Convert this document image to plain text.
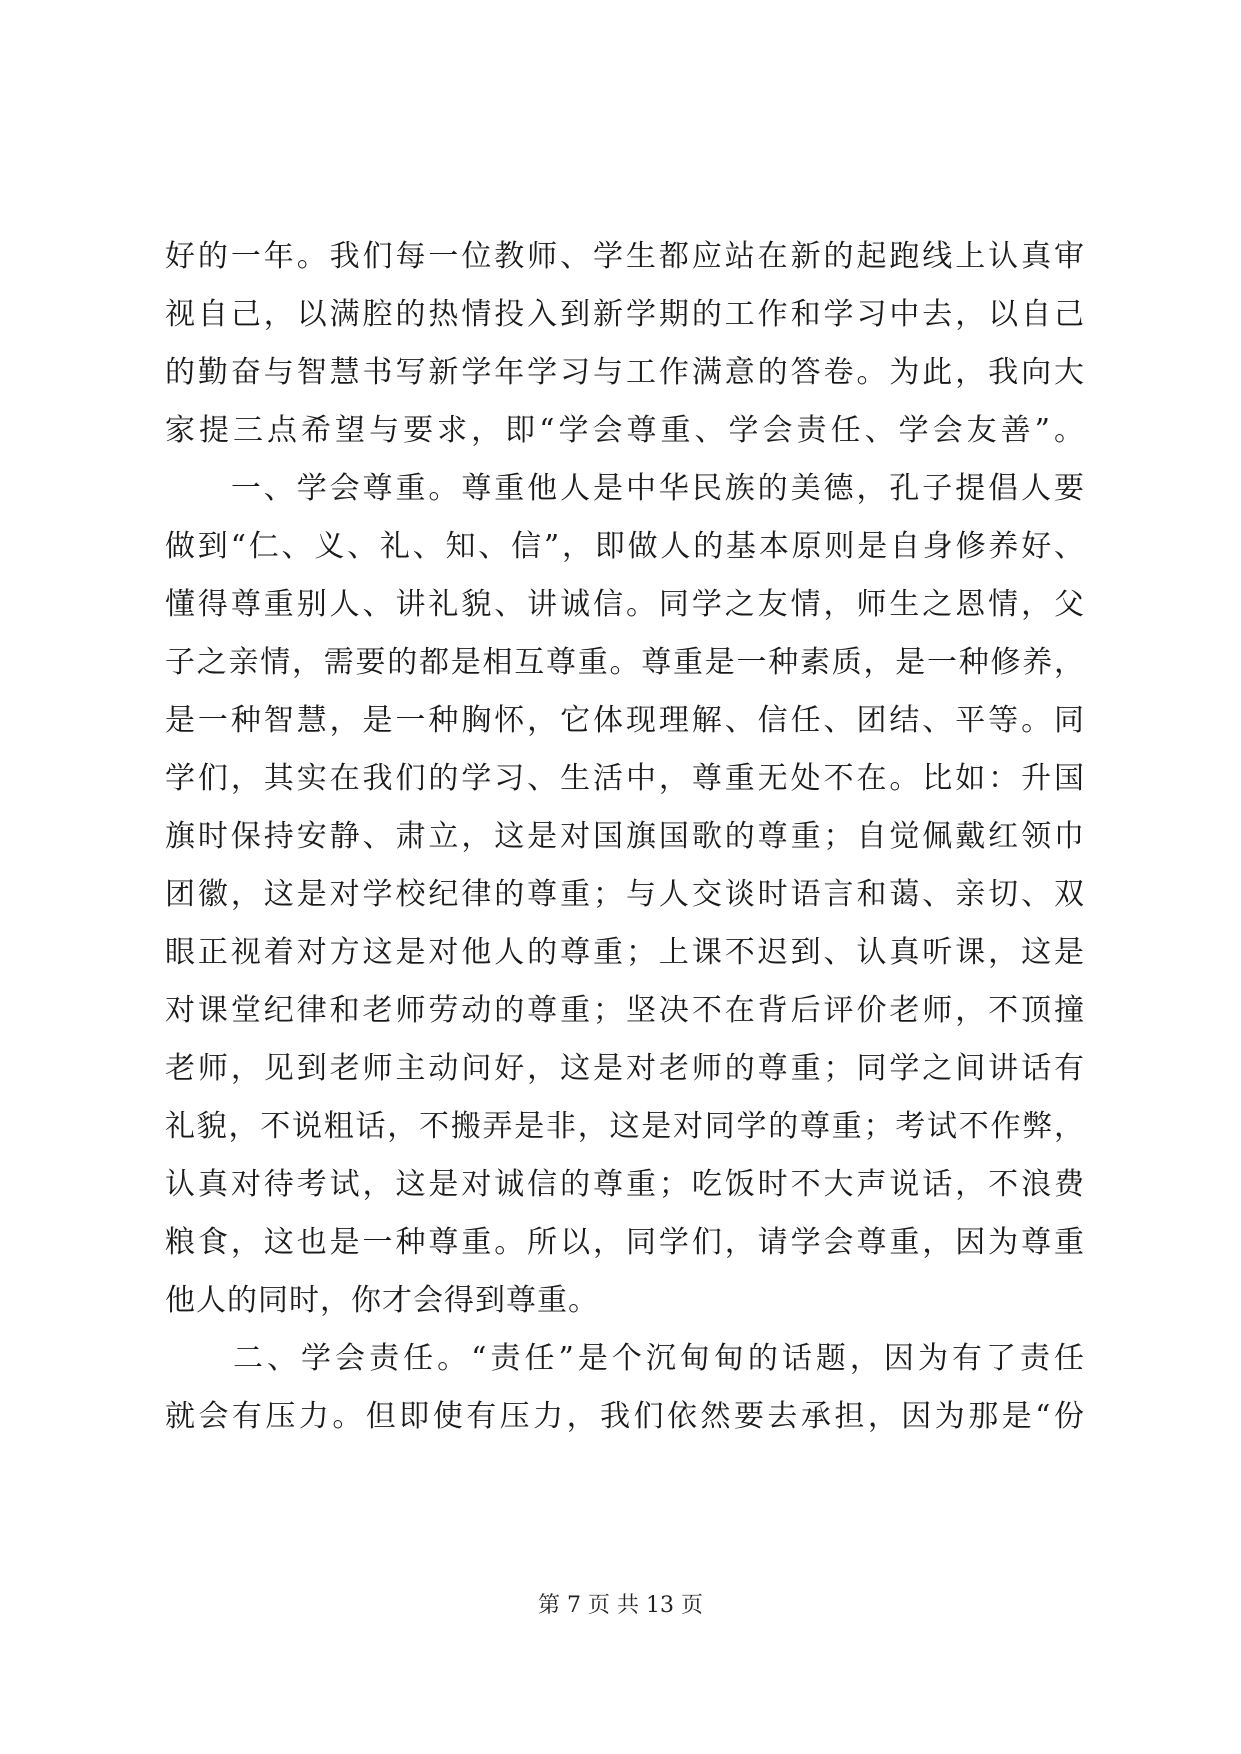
好的一年。我们每一位教师、学生都应站在新的起跑线上认真审
视自己，以满腔的热情投入到新学期的工作和学习中去，以自己
的勤奋与智慧书写新学年学习与工作满意的答卷。为此，我向大
家提三点希望与要求，即“学会尊重、学会责任、学会友善”。
　　一、学会尊重。尊重他人是中华民族的美德，孔子提倡人要
做到“仁、义、礼、知、信”，即做人的基本原则是自身修养好、
懂得尊重别人、讲礼貌、讲诚信。同学之友情，师生之恩情，父
子之亲情，需要的都是相互尊重。尊重是一种素质，是一种修养，
是一种智慧，是一种胸怀，它体现理解、信任、团结、平等。同
学们，其实在我们的学习、生活中，尊重无处不在。比如：升国
旗时保持安静、肃立，这是对国旗国歌的尊重；自觉佩戴红领巾
团徽，这是对学校纪律的尊重；与人交谈时语言和蔼、亲切、双
眼正视着对方这是对他人的尊重；上课不迟到、认真听课，这是
对课堂纪律和老师劳动的尊重；坚决不在背后评价老师，不顶撞
老师，见到老师主动问好，这是对老师的尊重；同学之间讲话有
礼貌，不说粗话，不搬弄是非，这是对同学的尊重；考试不作弊，
认真对待考试，这是对诚信的尊重；吃饭时不大声说话，不浪费
粮食，这也是一种尊重。所以，同学们，请学会尊重，因为尊重
他人的同时，你才会得到尊重。
　　二、学会责任。“责任”是个沉甸甸的话题，因为有了责任
就会有压力。但即使有压力，我们依然要去承担，因为那是“份
第 7 页 共 13 页
